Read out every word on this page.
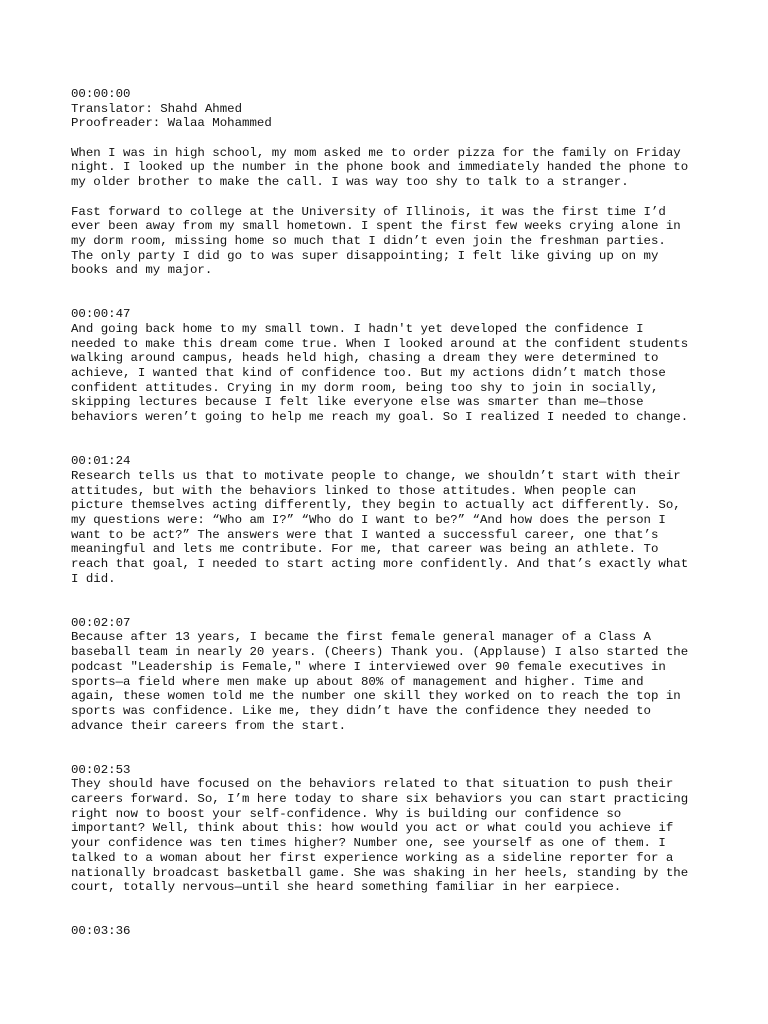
00:00:00
Translator: Shahd Ahmed
Proofreader: Walaa Mohammed
When I was in high school, my mom asked me to order pizza for the family on Friday
night. I looked up the number in the phone book and immediately handed the phone to
my older brother to make the call. I was way too shy to talk to a stranger.
Fast forward to college at the University of Illinois, it was the first time I’d
ever been away from my small hometown. I spent the first few weeks crying alone in
my dorm room, missing home so much that I didn’t even join the freshman parties.
The only party I did go to was super disappointing; I felt like giving up on my
books and my major.
00:00:47
And going back home to my small town. I hadn't yet developed the confidence I
needed to make this dream come true. When I looked around at the confident students
walking around campus, heads held high, chasing a dream they were determined to
achieve, I wanted that kind of confidence too. But my actions didn’t match those
confident attitudes. Crying in my dorm room, being too shy to join in socially,
skipping lectures because I felt like everyone else was smarter than me—those
behaviors weren’t going to help me reach my goal. So I realized I needed to change.
00:01:24
Research tells us that to motivate people to change, we shouldn’t start with their
attitudes, but with the behaviors linked to those attitudes. When people can
picture themselves acting differently, they begin to actually act differently. So,
my questions were: “Who am I?” “Who do I want to be?” “And how does the person I
want to be act?” The answers were that I wanted a successful career, one that’s
meaningful and lets me contribute. For me, that career was being an athlete. To
reach that goal, I needed to start acting more confidently. And that’s exactly what
I did.
00:02:07
Because after 13 years, I became the first female general manager of a Class A
baseball team in nearly 20 years. (Cheers) Thank you. (Applause) I also started the
podcast "Leadership is Female," where I interviewed over 90 female executives in
sports—a field where men make up about 80% of management and higher. Time and
again, these women told me the number one skill they worked on to reach the top in
sports was confidence. Like me, they didn’t have the confidence they needed to
advance their careers from the start.
00:02:53
They should have focused on the behaviors related to that situation to push their
careers forward. So, I’m here today to share six behaviors you can start practicing
right now to boost your self-confidence. Why is building our confidence so
important? Well, think about this: how would you act or what could you achieve if
your confidence was ten times higher? Number one, see yourself as one of them. I
talked to a woman about her first experience working as a sideline reporter for a
nationally broadcast basketball game. She was shaking in her heels, standing by the
court, totally nervous—until she heard something familiar in her earpiece.
00:03:36
